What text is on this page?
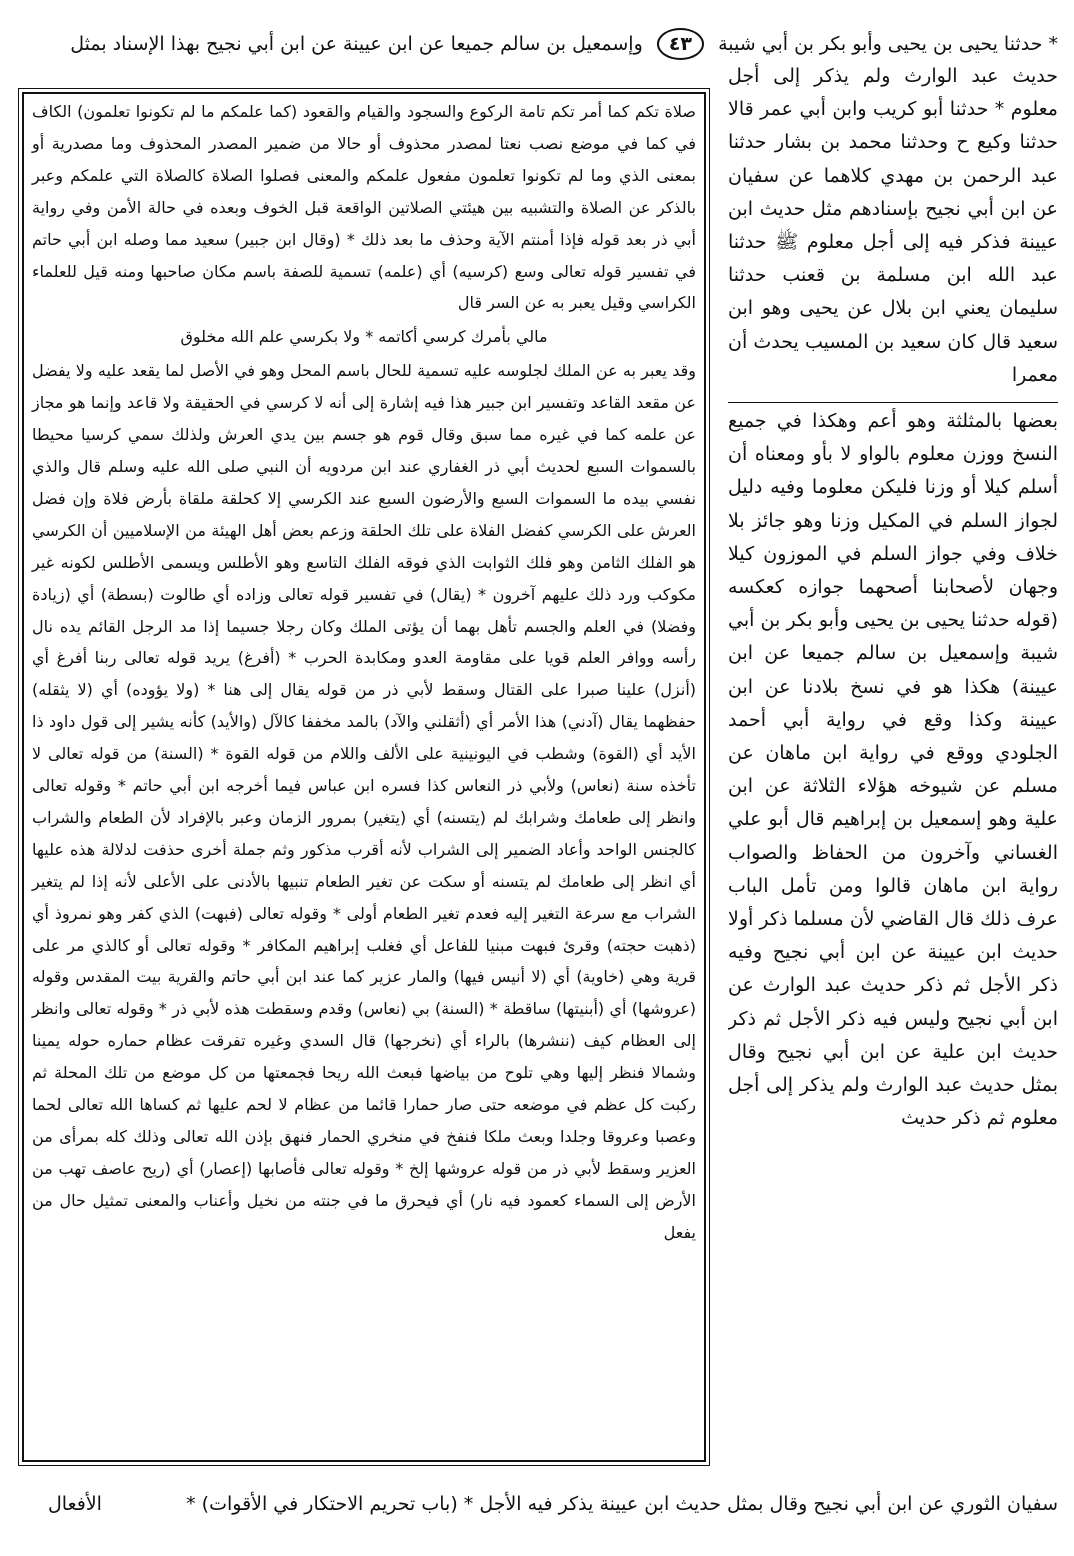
* حدثنا يحيى بن يحيى وأبو بكر بن أبي شيبة ٤٣ وإسمعيل بن سالم جميعا عن ابن عيينة عن ابن أبي نجيح بهذا الإسناد بمثل

حديث عبد الوارث ولم يذكر إلى أجل معلوم * حدثنا أبو كريب وابن أبي عمر قالا حدثنا وكيع ح وحدثنا محمد بن بشار حدثنا عبد الرحمن بن مهدي كلاهما عن سفيان عن ابن أبي نجيح بإسنادهم مثل حديث ابن عيينة فذكر فيه إلى أجل معلوم ﷺ حدثنا عبد الله ابن مسلمة بن قعنب حدثنا سليمان يعني ابن بلال عن يحيى وهو ابن سعيد قال كان سعيد بن المسيب يحدث أن معمرا

بعضها بالمثلثة وهو أعم وهكذا في جميع النسخ ووزن معلوم بالواو لا بأو ومعناه أن أسلم كيلا أو وزنا فليكن معلوما وفيه دليل لجواز السلم في المكيل وزنا وهو جائز بلا خلاف وفي جواز السلم في الموزون كيلا وجهان لأصحابنا أصحهما جوازه كعكسه (قوله حدثنا يحيى بن يحيى وأبو بكر بن أبي شيبة وإسمعيل بن سالم جميعا عن ابن عيينة) هكذا هو في نسخ بلادنا عن ابن عيينة وكذا وقع في رواية أبي أحمد الجلودي ووقع في رواية ابن ماهان عن مسلم عن شيوخه هؤلاء الثلاثة عن ابن علية وهو إسمعيل بن إبراهيم قال أبو علي الغساني وآخرون من الحفاظ والصواب رواية ابن ماهان قالوا ومن تأمل الباب عرف ذلك قال القاضي لأن مسلما ذكر أولا حديث ابن عيينة عن ابن أبي نجيح وفيه ذكر الأجل ثم ذكر حديث عبد الوارث عن ابن أبي نجيح وليس فيه ذكر الأجل ثم ذكر حديث ابن علية عن ابن أبي نجيح وقال بمثل حديث عبد الوارث ولم يذكر إلى أجل معلوم ثم ذكر حديث

صلاة تكم كما أمر تكم تامة الركوع والسجود والقيام والقعود (كما علمكم ما لم تكونوا تعلمون) الكاف في كما في موضع نصب نعتا لمصدر محذوف أو حالا من ضمير المصدر المحذوف وما مصدرية أو بمعنى الذي وما لم تكونوا تعلمون مفعول علمكم والمعنى فصلوا الصلاة كالصلاة التي علمكم وعبر بالذكر عن الصلاة والتشبيه بين هيئتي الصلاتين الواقعة قبل الخوف وبعده في حالة الأمن وفي رواية أبي ذر بعد قوله فإذا أمنتم الآية وحذف ما بعد ذلك * (وقال ابن جبير) سعيد مما وصله ابن أبي حاتم في تفسير قوله تعالى وسع (كرسيه) أي (علمه) تسمية للصفة باسم مكان صاحبها ومنه قيل للعلماء الكراسي وقيل يعبر به عن السر قال

مالي بأمرك كرسي أكاتمه * ولا بكرسي علم الله مخلوق

وقد يعبر به عن الملك لجلوسه عليه تسمية للحال باسم المحل وهو في الأصل لما يقعد عليه ولا يفضل عن مقعد القاعد وتفسير ابن جبير هذا فيه إشارة إلى أنه لا كرسي في الحقيقة ولا قاعد وإنما هو مجاز عن علمه كما في غيره مما سبق وقال قوم هو جسم بين يدي العرش ولذلك سمي كرسيا محيطا بالسموات السبع لحديث أبي ذر الغفاري عند ابن مردويه أن النبي صلى الله عليه وسلم قال والذي نفسي بيده ما السموات السبع والأرضون السبع عند الكرسي إلا كحلقة ملقاة بأرض فلاة وإن فضل العرش على الكرسي كفضل الفلاة على تلك الحلقة وزعم بعض أهل الهيئة من الإسلاميين أن الكرسي هو الفلك الثامن وهو فلك الثوابت الذي فوقه الفلك التاسع وهو الأطلس ويسمى الأطلس لكونه غير مكوكب ورد ذلك عليهم آخرون * (يقال) في تفسير قوله تعالى وزاده أي طالوت (بسطة) أي (زيادة وفضلا) في العلم والجسم تأهل بهما أن يؤتى الملك وكان رجلا جسيما إذا مد الرجل القائم يده نال رأسه ووافر العلم قويا على مقاومة العدو ومكابدة الحرب * (أفرغ) يريد قوله تعالى ربنا أفرغ أي (أنزل) علينا صبرا على القتال وسقط لأبي ذر من قوله يقال إلى هنا * (ولا يؤوده) أي (لا يثقله) حفظهما يقال (آدني) هذا الأمر أي (أثقلني والآد) بالمد مخففا كالآل (والأيد) كأنه يشير إلى قول داود ذا الأيد أي (القوة) وشطب في اليونينية على الألف واللام من قوله القوة * (السنة) من قوله تعالى لا تأخذه سنة (نعاس) ولأبي ذر النعاس كذا فسره ابن عباس فيما أخرجه ابن أبي حاتم * وقوله تعالى وانظر إلى طعامك وشرابك لم (يتسنه) أي (يتغير) بمرور الزمان وعبر بالإفراد لأن الطعام والشراب كالجنس الواحد وأعاد الضمير إلى الشراب لأنه أقرب مذكور وثم جملة أخرى حذفت لدلالة هذه عليها أي انظر إلى طعامك لم يتسنه أو سكت عن تغير الطعام تنبيها بالأدنى على الأعلى لأنه إذا لم يتغير الشراب مع سرعة التغير إليه فعدم تغير الطعام أولى * وقوله تعالى (فبهت) الذي كفر وهو نمروذ أي (ذهبت حجته) وقرئ فبهت مبنيا للفاعل أي فغلب إبراهيم المكافر * وقوله تعالى أو كالذي مر على قرية وهي (خاوية) أي (لا أنيس فيها) والمار عزير كما عند ابن أبي حاتم والقرية بيت المقدس وقوله (عروشها) أي (أبنيتها) ساقطة * (السنة) بي (نعاس) وقدم وسقطت هذه لأبي ذر * وقوله تعالى وانظر إلى العظام كيف (ننشرها) بالراء أي (نخرجها) قال السدي وغيره تفرقت عظام حماره حوله يمينا وشمالا فنظر إليها وهي تلوح من بياضها فبعث الله ريحا فجمعتها من كل موضع من تلك المحلة ثم ركبت كل عظم في موضعه حتى صار حمارا قائما من عظام لا لحم عليها ثم كساها الله تعالى لحما وعصبا وعروقا وجلدا وبعث ملكا فنفخ في منخري الحمار فنهق بإذن الله تعالى وذلك كله بمرأى من العزير وسقط لأبي ذر من قوله عروشها إلخ * وقوله تعالى فأصابها (إعصار) أي (ريح عاصف تهب من الأرض إلى السماء كعمود فيه نار) أي فيحرق ما في جنته من نخيل وأعناب والمعنى تمثيل حال من يفعل

سفيان الثوري عن ابن أبي نجيح وقال بمثل حديث ابن عيينة يذكر فيه الأجل * (باب تحريم الاحتكار في الأقوات) *
الأفعال
